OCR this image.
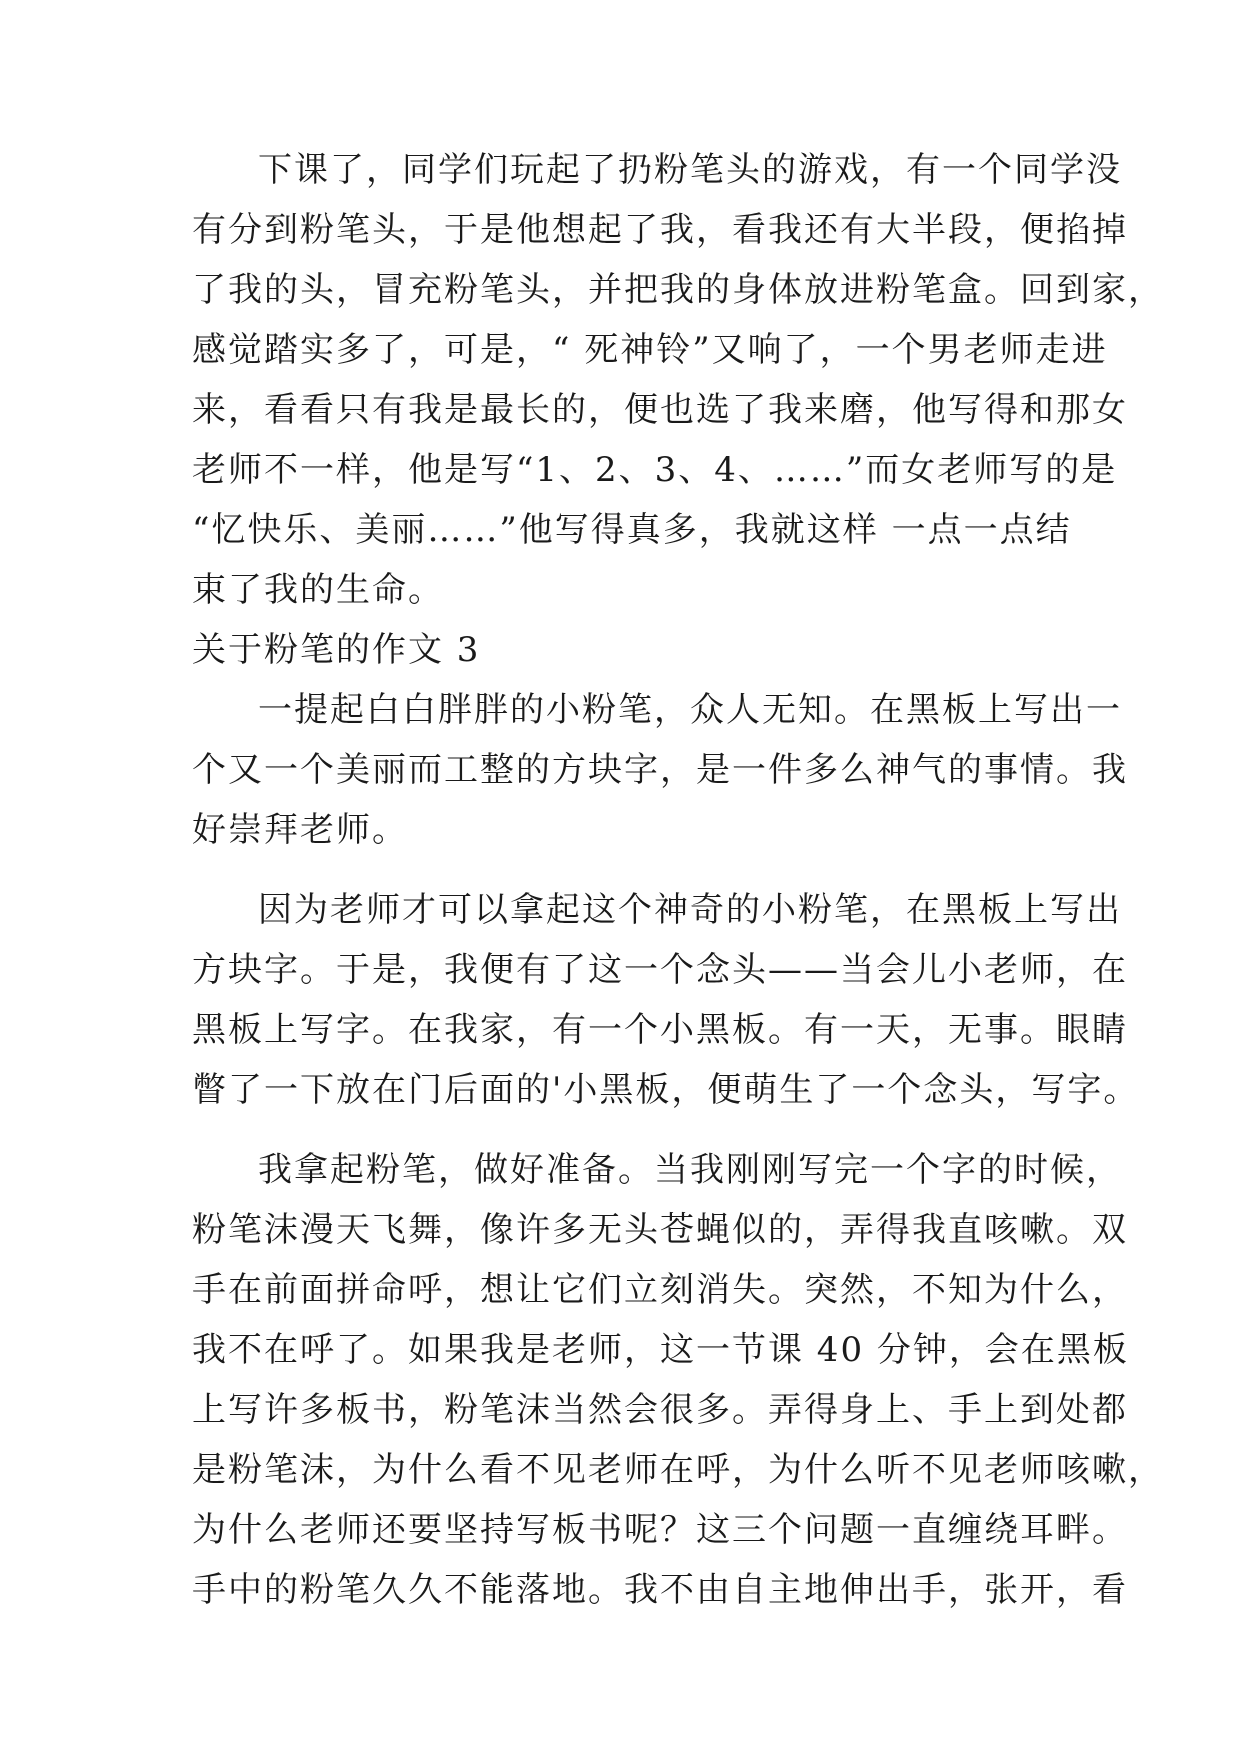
下课了，同学们玩起了扔粉笔头的游戏，有一个同学没
有分到粉笔头，于是他想起了我，看我还有大半段，便掐掉
了我的头，冒充粉笔头，并把我的身体放进粉笔盒。回到家，
感觉踏实多了，可是，“ 死神铃”又响了，一个男老师走进
来，看看只有我是最长的，便也选了我来磨，他写得和那女
老师不一样，他是写“1、2、3、4、……”而女老师写的是
“忆快乐、美丽……”他写得真多，我就这样 一点一点结
束了我的生命。
关于粉笔的作文 3
一提起白白胖胖的小粉笔，众人无知。在黑板上写出一
个又一个美丽而工整的方块字，是一件多么神气的事情。我
好崇拜老师。
因为老师才可以拿起这个神奇的小粉笔，在黑板上写出
方块字。于是，我便有了这一个念头——当会儿小老师，在
黑板上写字。在我家，有一个小黑板。有一天，无事。眼睛
瞥了一下放在门后面的'小黑板，便萌生了一个念头，写字。
我拿起粉笔，做好准备。当我刚刚写完一个字的时候，
粉笔沫漫天飞舞，像许多无头苍蝇似的，弄得我直咳嗽。双
手在前面拼命呼，想让它们立刻消失。突然，不知为什么，
我不在呼了。如果我是老师，这一节课 40 分钟，会在黑板
上写许多板书，粉笔沫当然会很多。弄得身上、手上到处都
是粉笔沫，为什么看不见老师在呼，为什么听不见老师咳嗽，
为什么老师还要坚持写板书呢？这三个问题一直缠绕耳畔。
手中的粉笔久久不能落地。我不由自主地伸出手，张开，看
